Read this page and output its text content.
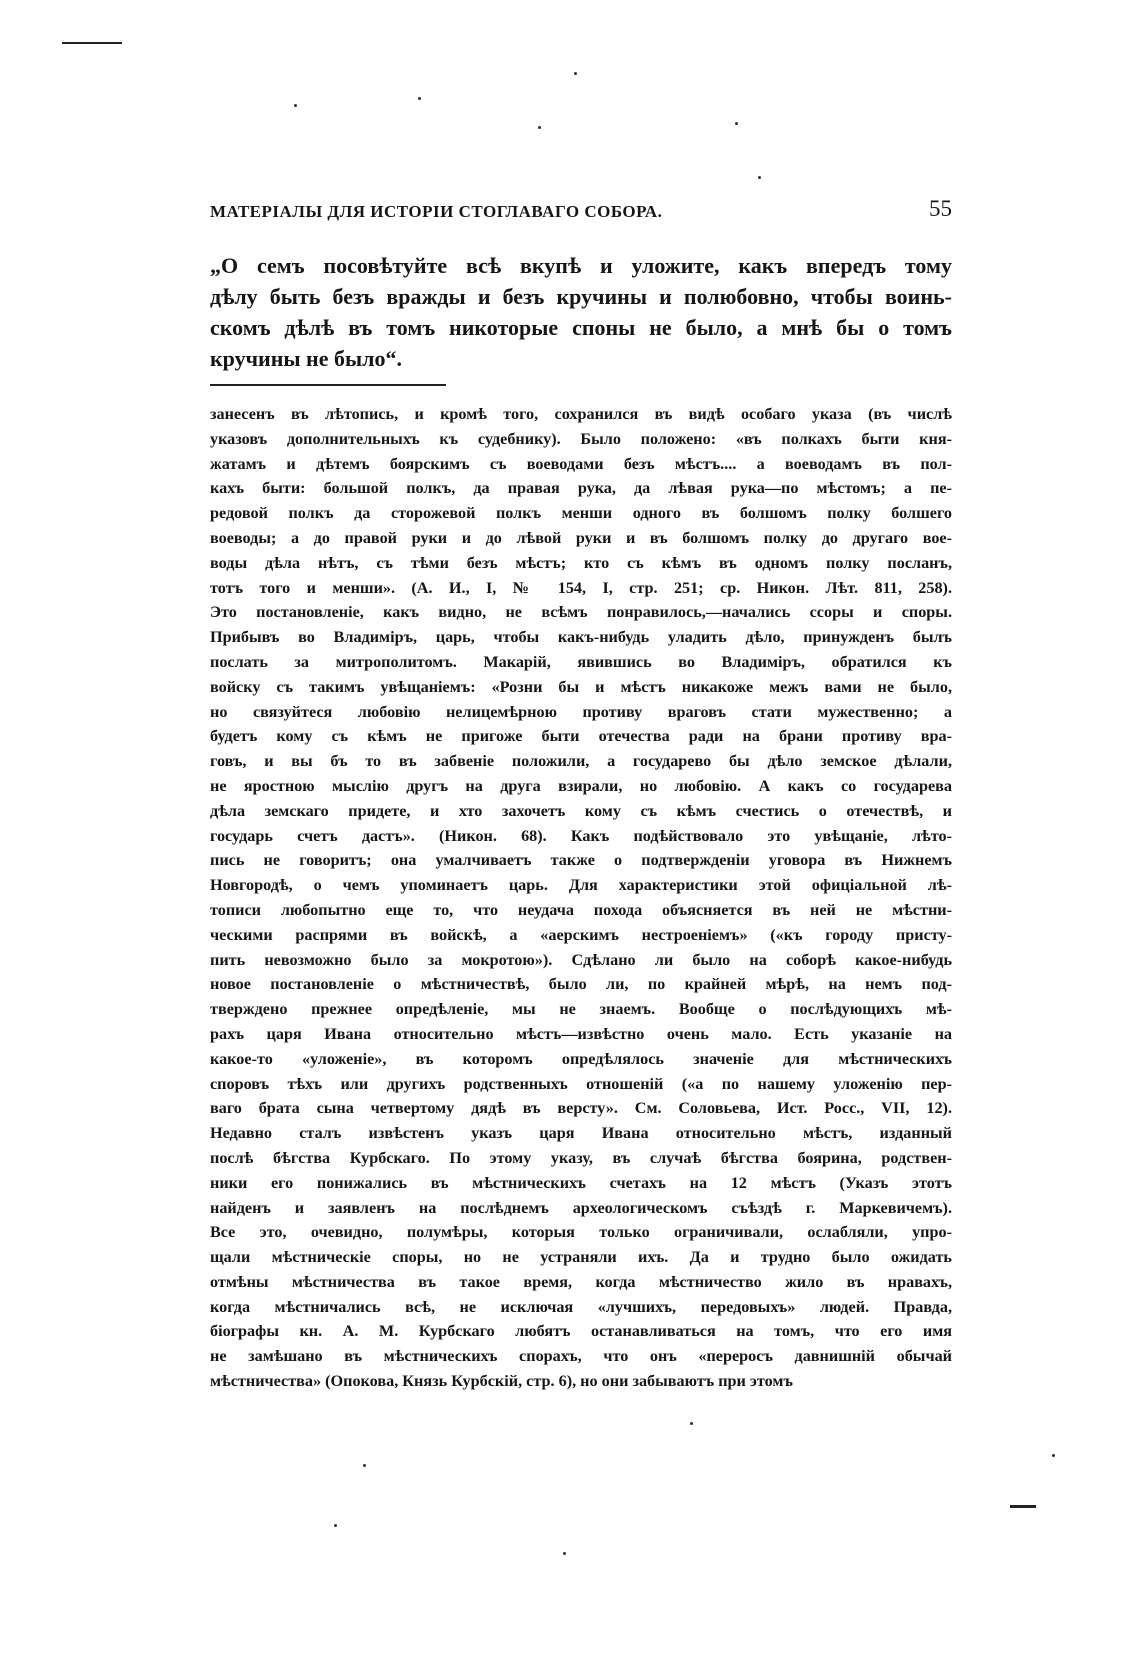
МАТЕРІАЛЫ ДЛЯ ИСТОРІИ СТОГЛАВАГО СОБОРА.	55
„О семъ посовѣтуйте всѣ вкупѣ и уложите, какъ впередъ тому
дѣлу быть безъ вражды и безъ кручины и полюбовно, чтобы воинь-
скомъ дѣлѣ въ томъ никоторые споны не было, а мнѣ бы о томъ
кручины не было“.
занесенъ въ лѣтопись, и кромѣ того, сохранился въ видѣ особаго указа (въ числѣ
указовъ дополнительныхъ къ судебнику). Было положено: «въ полкахъ быти кня-
жатамъ и дѣтемъ боярскимъ съ воеводами безъ мѣстъ.... а воеводамъ въ пол-
кахъ быти: большой полкъ, да правая рука, да лѣвая рука—по мѣстомъ; а пе-
редовой полкъ да сторожевой полкъ менши одного въ болшомъ полку болшего
воеводы; а до правой руки и до лѣвой руки и въ болшомъ полку до другаго вое-
воды дѣла нѣтъ, съ тѣми безъ мѣстъ; кто съ кѣмъ въ одномъ полку посланъ,
тотъ того и менши». (А. И., I, № 154, I, стр. 251; ср. Никон. Лѣт. 811, 258).
Это постановленіе, какъ видно, не всѣмъ понравилось,—начались ссоры и споры.
Прибывъ во Владиміръ, царь, чтобы какъ-нибудь уладить дѣло, принужденъ былъ
послать за митрополитомъ. Макарій, явившись во Владиміръ, обратился къ
войску съ такимъ увѣщаніемъ: «Розни бы и мѣстъ никакоже межъ вами не было,
но связуйтеся любовію нелицемѣрною противу враговъ стати мужественно; а
будетъ кому съ кѣмъ не пригоже быти отечества ради на брани противу вра-
говъ, и вы бъ то въ забвеніе положили, а государево бы дѣло земское дѣлали,
не яростною мыслію другъ на друга взирали, но любовію. А какъ со государева
дѣла земскаго придете, и хто захочетъ кому съ кѣмъ счестись о отечествѣ, и
государь счетъ дастъ». (Никон. 68). Какъ подѣйствовало это увѣщаніе, лѣто-
пись не говоритъ; она умалчиваетъ также о подтвержденіи уговора въ Нижнемъ
Новгородѣ, о чемъ упоминаетъ царь. Для характеристики этой офиціальной лѣ-
тописи любопытно еще то, что неудача похода объясняется въ ней не мѣстни-
ческими распрями въ войскѣ, а «аерскимъ нестроеніемъ» («къ городу присту-
пить невозможно было за мокротою»). Сдѣлано ли было на соборѣ какое-нибудь
новое постановленіе о мѣстничествѣ, было ли, по крайней мѣрѣ, на немъ под-
тверждено прежнее опредѣленіе, мы не знаемъ. Вообще о послѣдующихъ мѣ-
рахъ царя Ивана относительно мѣстъ—извѣстно очень мало. Есть указаніе на
какое-то «уложеніе», въ которомъ опредѣлялось значеніе для мѣстническихъ
споровъ тѣхъ или другихъ родственныхъ отношеній («а по нашему уложенію пер-
ваго брата сына четвертому дядѣ въ версту». См. Соловьева, Ист. Росс., VII, 12).
Недавно сталъ извѣстенъ указъ царя Ивана относительно мѣстъ, изданный
послѣ бѣгства Курбскаго. По этому указу, въ случаѣ бѣгства боярина, родствен-
ники его понижались въ мѣстническихъ счетахъ на 12 мѣстъ (Указъ этотъ
найденъ и заявленъ на послѣднемъ археологическомъ съѣздѣ г. Маркевичемъ).
Все это, очевидно, полумѣры, которыя только ограничивали, ослабляли, упро-
щали мѣстническіе споры, но не устраняли ихъ. Да и трудно было ожидать
отмѣны мѣстничества въ такое время, когда мѣстничество жило въ нравахъ,
когда мѣстничались всѣ, не исключая «лучшихъ, передовыхъ» людей. Правда,
біографы кн. А. М. Курбскаго любятъ останавливаться на томъ, что его имя
не замѣшано въ мѣстническихъ спорахъ, что онъ «переросъ давнишній обычай
мѣстничества» (Опокова, Князь Курбскій, стр. 6), но они забываютъ при этомъ
